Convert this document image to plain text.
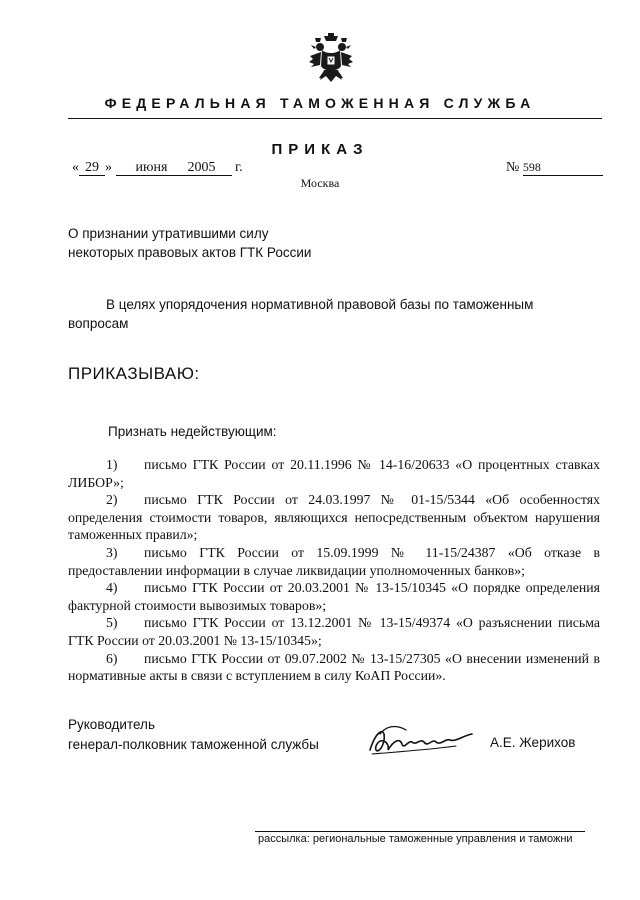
ФЕДЕРАЛЬНАЯ ТАМОЖЕННАЯ СЛУЖБА
ПРИКАЗ
« 29 » июня 2005 г.	№ 598
Москва
О признании утратившими силу
некоторых правовых актов ГТК России
В целях упорядочения нормативной правовой базы по таможенным
вопросам
ПРИКАЗЫВАЮ:
Признать недействующим:

1) письмо ГТК России от 20.11.1996 № 14-16/20633 «О процентных ставках ЛИБОР»;

2) письмо ГТК России от 24.03.1997 № 01-15/5344 «Об особенностях определения стоимости товаров, являющихся непосредственным объектом нарушения таможенных правил»;

3) письмо ГТК России от 15.09.1999 № 11-15/24387 «Об отказе в предоставлении информации в случае ликвидации уполномоченных банков»;

4) письмо ГТК России от 20.03.2001 № 13-15/10345 «О порядке определения фактурной стоимости вывозимых товаров»;

5) письмо ГТК России от 13.12.2001 № 13-15/49374 «О разъяснении письма ГТК России от 20.03.2001 № 13-15/10345»;

6) письмо ГТК России от 09.07.2002 № 13-15/27305 «О внесении изменений в нормативные акты в связи с вступлением в силу КоАП России».

Руководитель
генерал-полковник таможенной службы	А.Е. Жерихов
рассылка: региональные таможенные управления и таможни
